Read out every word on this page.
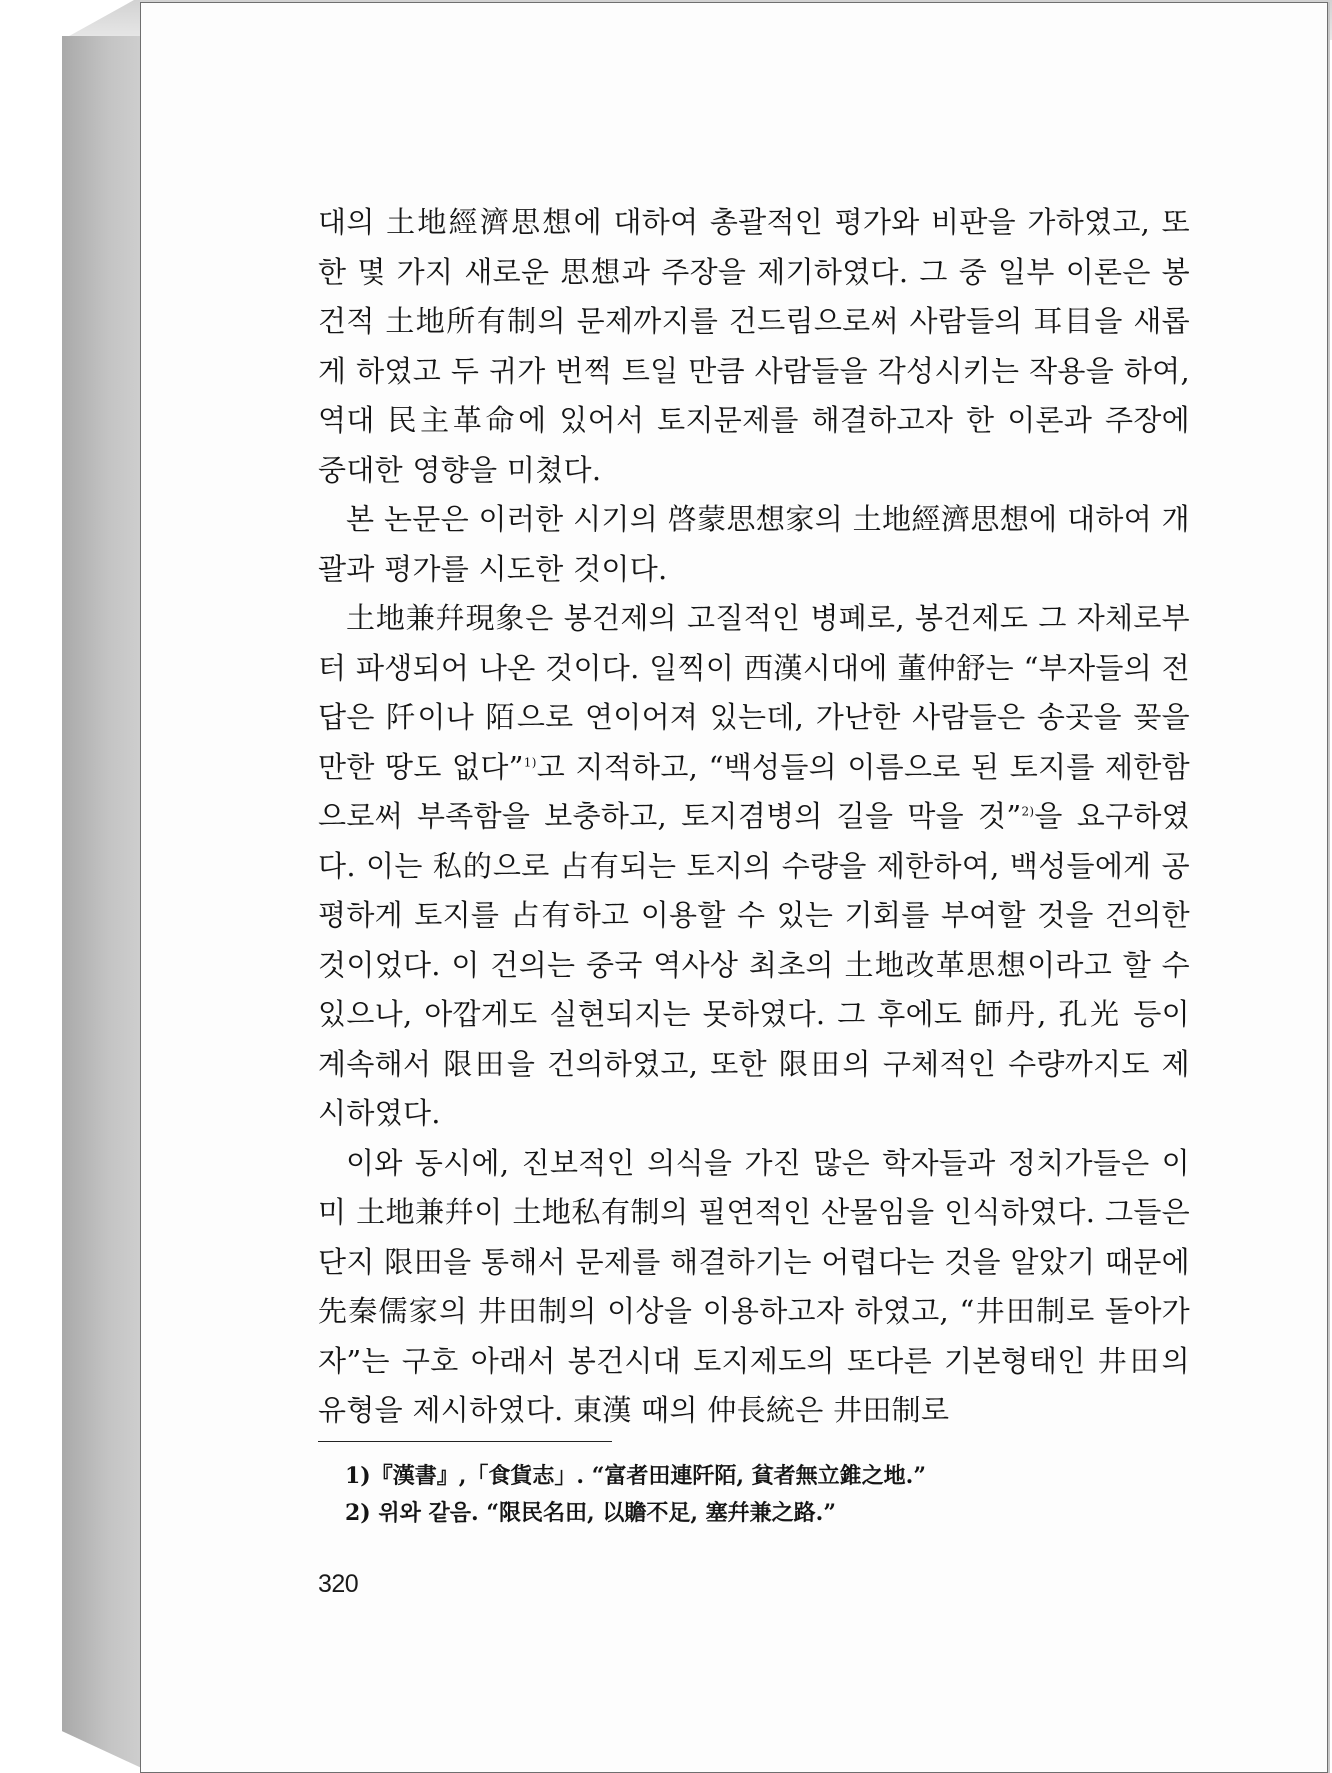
대의 土地經濟思想에 대하여 총괄적인 평가와 비판을 가하였고, 또한 몇 가지 새로운 思想과 주장을 제기하였다. 그 중 일부 이론은 봉건적 土地所有制의 문제까지를 건드림으로써 사람들의 耳目을 새롭게 하였고 두 귀가 번쩍 트일 만큼 사람들을 각성시키는 작용을 하여, 역대 民主革命에 있어서 토지문제를 해결하고자 한 이론과 주장에 중대한 영향을 미쳤다.

본 논문은 이러한 시기의 啓蒙思想家의 土地經濟思想에 대하여 개괄과 평가를 시도한 것이다.

土地兼幷現象은 봉건제의 고질적인 병폐로, 봉건제도 그 자체로부터 파생되어 나온 것이다. 일찍이 西漢시대에 董仲舒는 “부자들의 전답은 阡이나 陌으로 연이어져 있는데, 가난한 사람들은 송곳을 꽂을 만한 땅도 없다”$^{1)}$고 지적하고, “백성들의 이름으로 된 토지를 제한함으로써 부족함을 보충하고, 토지겸병의 길을 막을 것”$^{2)}$을 요구하였다. 이는 私的으로 占有되는 토지의 수량을 제한하여, 백성들에게 공평하게 토지를 占有하고 이용할 수 있는 기회를 부여할 것을 건의한 것이었다. 이 건의는 중국 역사상 최초의 土地改革思想이라고 할 수 있으나, 아깝게도 실현되지는 못하였다. 그 후에도 師丹, 孔光 등이 계속해서 限田을 건의하였고, 또한 限田의 구체적인 수량까지도 제시하였다.

이와 동시에, 진보적인 의식을 가진 많은 학자들과 정치가들은 이미 土地兼幷이 土地私有制의 필연적인 산물임을 인식하였다. 그들은 단지 限田을 통해서 문제를 해결하기는 어렵다는 것을 알았기 때문에 先秦儒家의 井田制의 이상을 이용하고자 하였고, “井田制로 돌아가자”는 구호 아래서 봉건시대 토지제도의 또다른 기본형태인 井田의 유형을 제시하였다. 東漢 때의 仲長統은 井田制로

1)『漢書』,「食貨志」. “富者田連阡陌, 貧者無立錐之地.”
2) 위와 같음. “限民名田, 以贍不足, 塞幷兼之路.”
320
